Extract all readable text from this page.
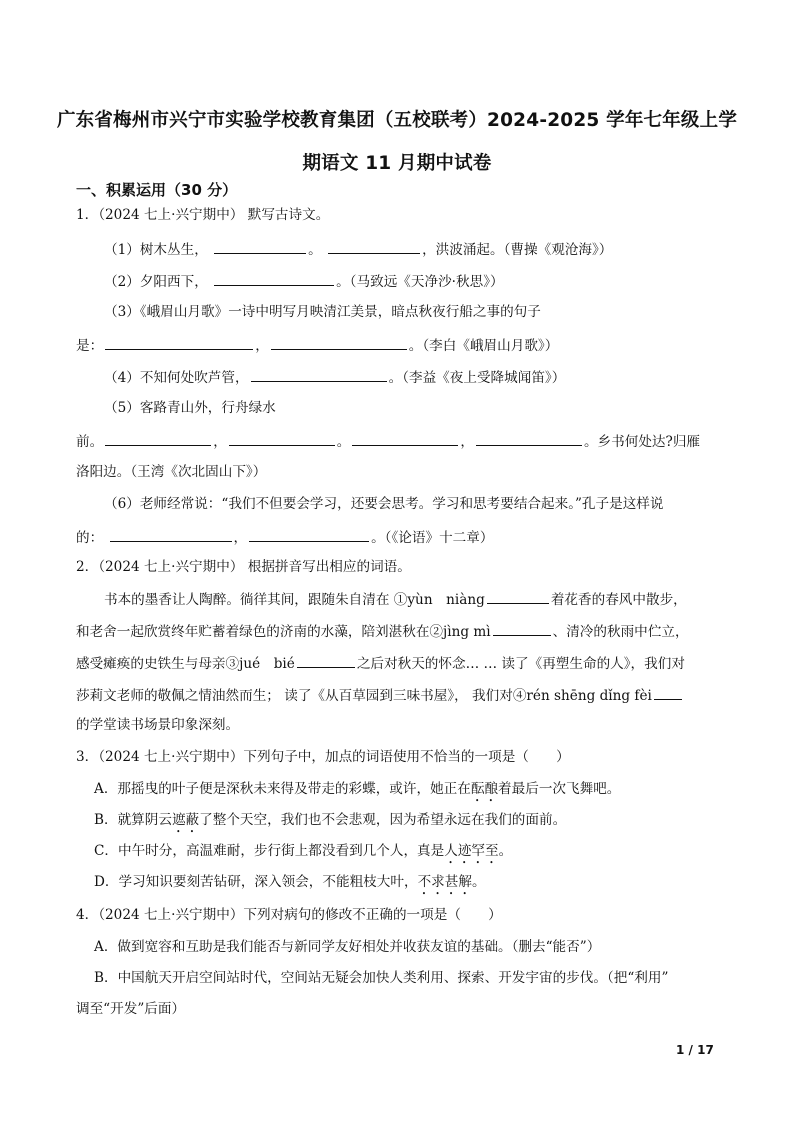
广东省梅州市兴宁市实验学校教育集团（五校联考）2024-2025 学年七年级上学
期语文 11 月期中试卷
一、积累运用（30 分）
1．（2024 七上·兴宁期中） 默写古诗文。
（1）树木丛生，	。	，洪波涌起。（曹操《观沧海》）
（2）夕阳西下，	。（马致远《天净沙·秋思》）
（3）《峨眉山月歌》一诗中明写月映清江美景，暗点秋夜行船之事的句子
是：	，	。（李白《峨眉山月歌》）
（4）不知何处吹芦管，	。（李益《夜上受降城闻笛》）
（5）客路青山外，行舟绿水
前。	，	。	，	。乡书何处达?归雁
洛阳边。（王湾《次北固山下》）
（6）老师经常说：“我们不但要会学习，还要会思考。学习和思考要结合起来。”孔子是这样说
的：	，	。（《论语》十二章）
2．（2024 七上·兴宁期中） 根据拼音写出相应的词语。
书本的墨香让人陶醉。徜徉其间，跟随朱自清在 ①yùn　niàng	着花香的春风中散步，
和老舍一起欣赏终年贮蓄着绿色的济南的水藻，陪刘湛秋在②jìng mì	、清冷的秋雨中伫立，
感受瘫痪的史铁生与母亲③jué　bié	之后对秋天的怀念… … 读了《再塑生命的人》，我们对
莎莉文老师的敬佩之情油然而生； 读了《从百草园到三味书屋》， 我们对④rén shēng dǐng fèi
的学堂读书场景印象深刻。
3．（2024 七上·兴宁期中）下列句子中，加点的词语使用不恰当的一项是（　　）
A．那摇曳的叶子便是深秋未来得及带走的彩蝶，或许，她正在酝酿着最后一次飞舞吧。
B．就算阴云遮蔽了整个天空，我们也不会悲观，因为希望永远在我们的面前。
C．中午时分，高温难耐，步行街上都没看到几个人，真是人迹罕至。
D．学习知识要刻苦钻研，深入领会，不能粗枝大叶，不求甚解。
4．（2024 七上·兴宁期中）下列对病句的修改不正确的一项是（　　）
A．做到宽容和互助是我们能否与新同学友好相处并收获友谊的基础。（删去“能否”）
B．中国航天开启空间站时代，空间站无疑会加快人类利用、探索、开发宇宙的步伐。（把“利用”
调至“开发”后面）
1 / 17
